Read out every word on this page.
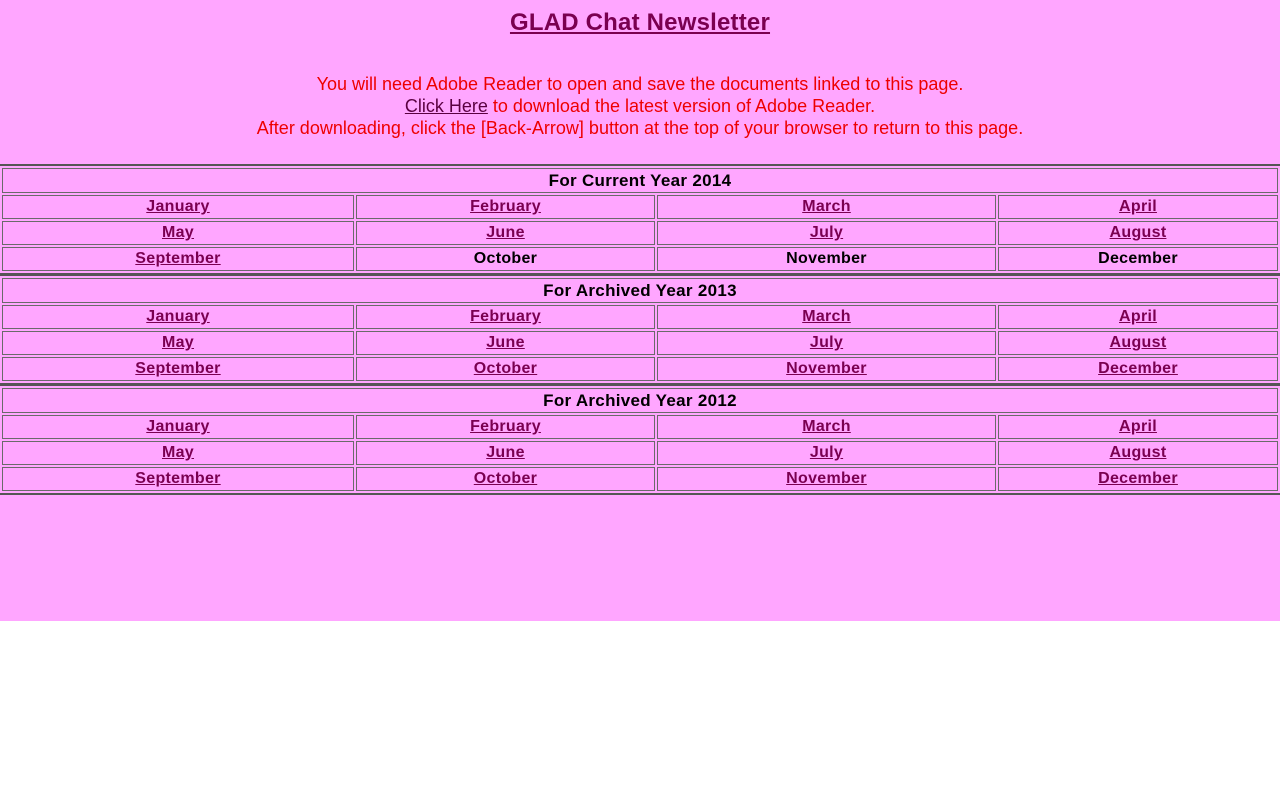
GLAD Chat Newsletter
You will need Adobe Reader to open and save the documents linked to this page.
Click Here to download the latest version of Adobe Reader.
After downloading, click the [Back-Arrow] button at the top of your browser to return to this page.
For Current Year 2014			
January	February	March	April
May	June	July	August
September	October	November	December
For Archived Year 2013			
January	February	March	April
May	June	July	August
September	October	November	December
For Archived Year 2012			
January	February	March	April
May	June	July	August
September	October	November	December
